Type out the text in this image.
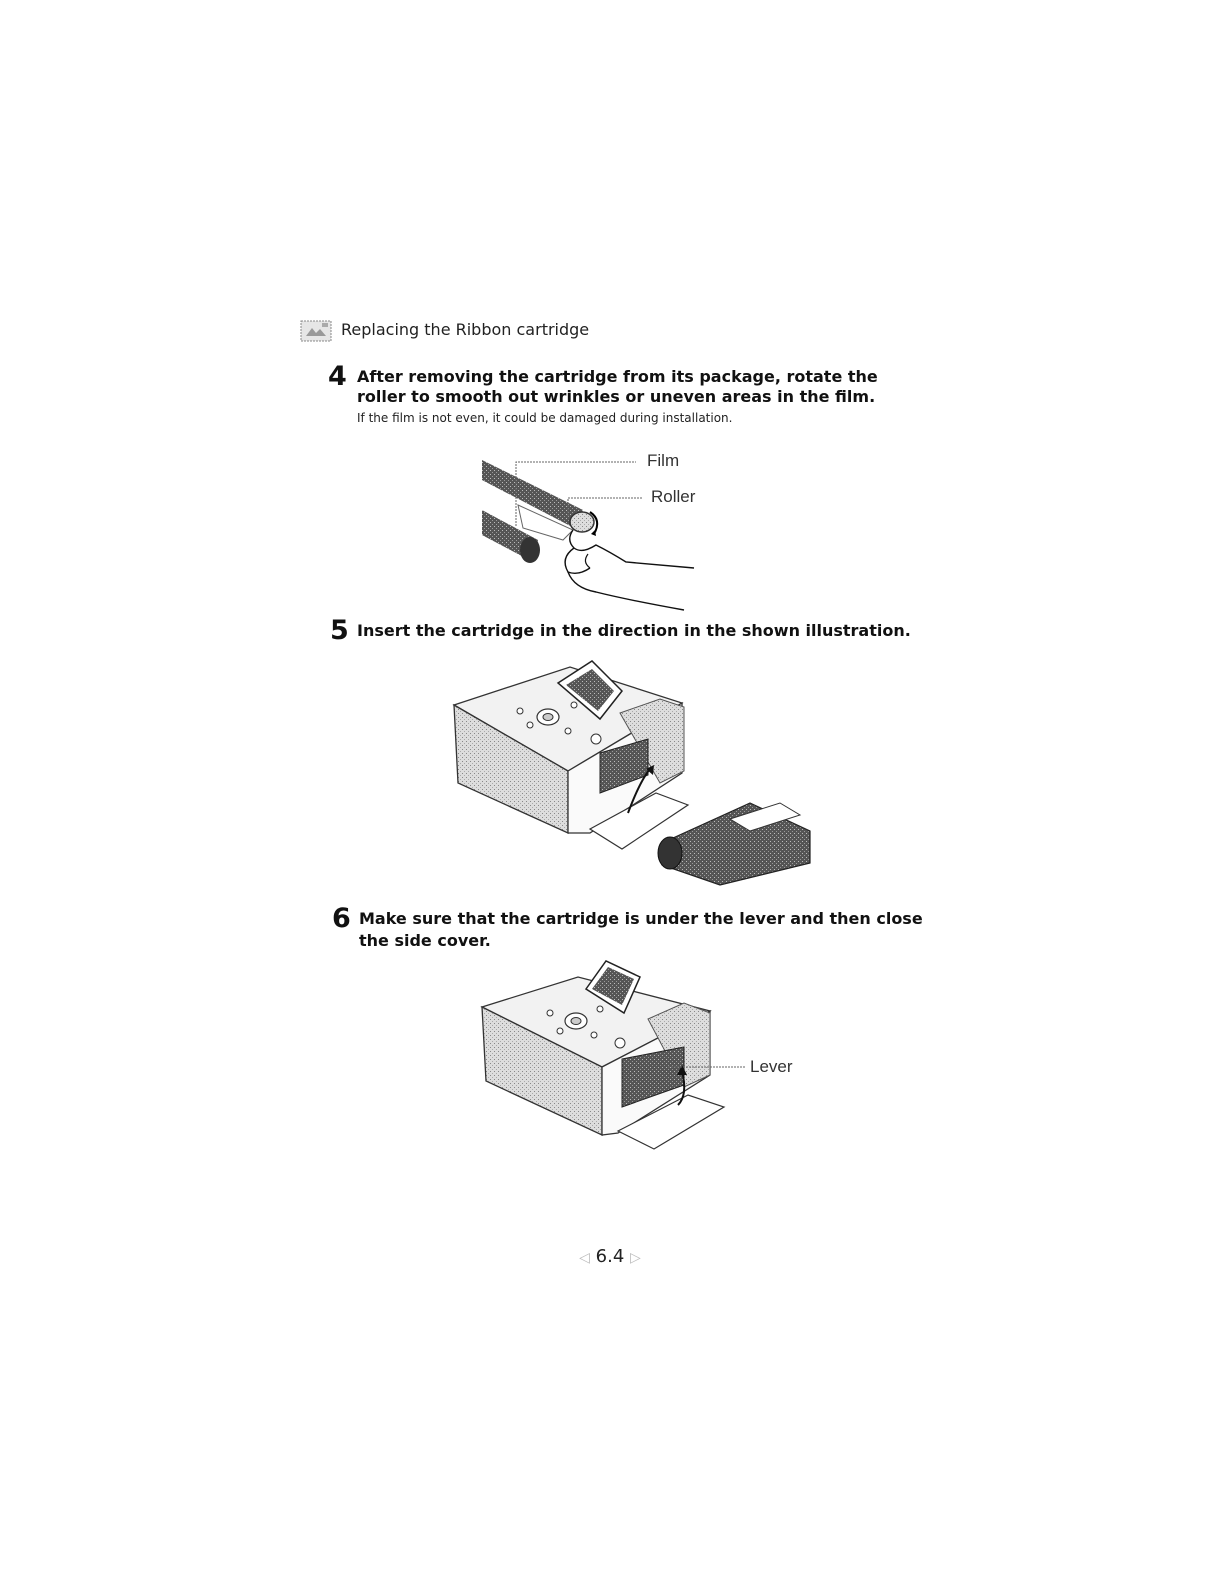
Replacing the Ribbon cartridge
4 After removing the cartridge from its package, rotate the
roller to smooth out wrinkles or uneven areas in the film.
If the film is not even, it could be damaged during installation.
Film
Roller
5 Insert the cartridge in the direction in the shown illustration.
6 Make sure that the cartridge is under the lever and then close
the side cover.
Lever
◁ 6.4 ▷
